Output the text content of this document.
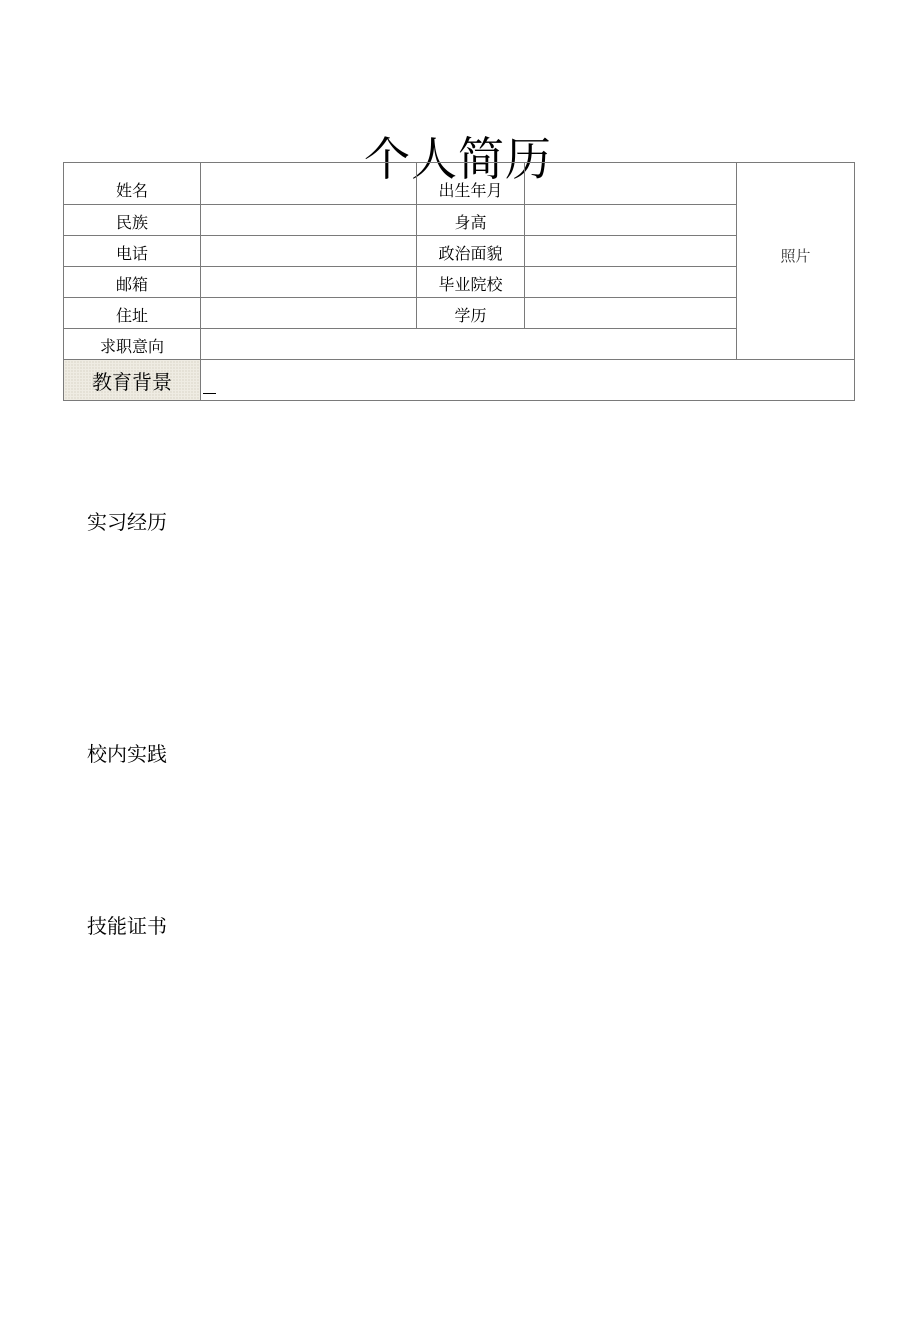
个人简历
姓名		出生年月		照片
民族		身高		
电话		政治面貌		
邮箱		毕业院校		
住址		学历		
求职意向				
教育背景				
实习经历
校内实践
技能证书
